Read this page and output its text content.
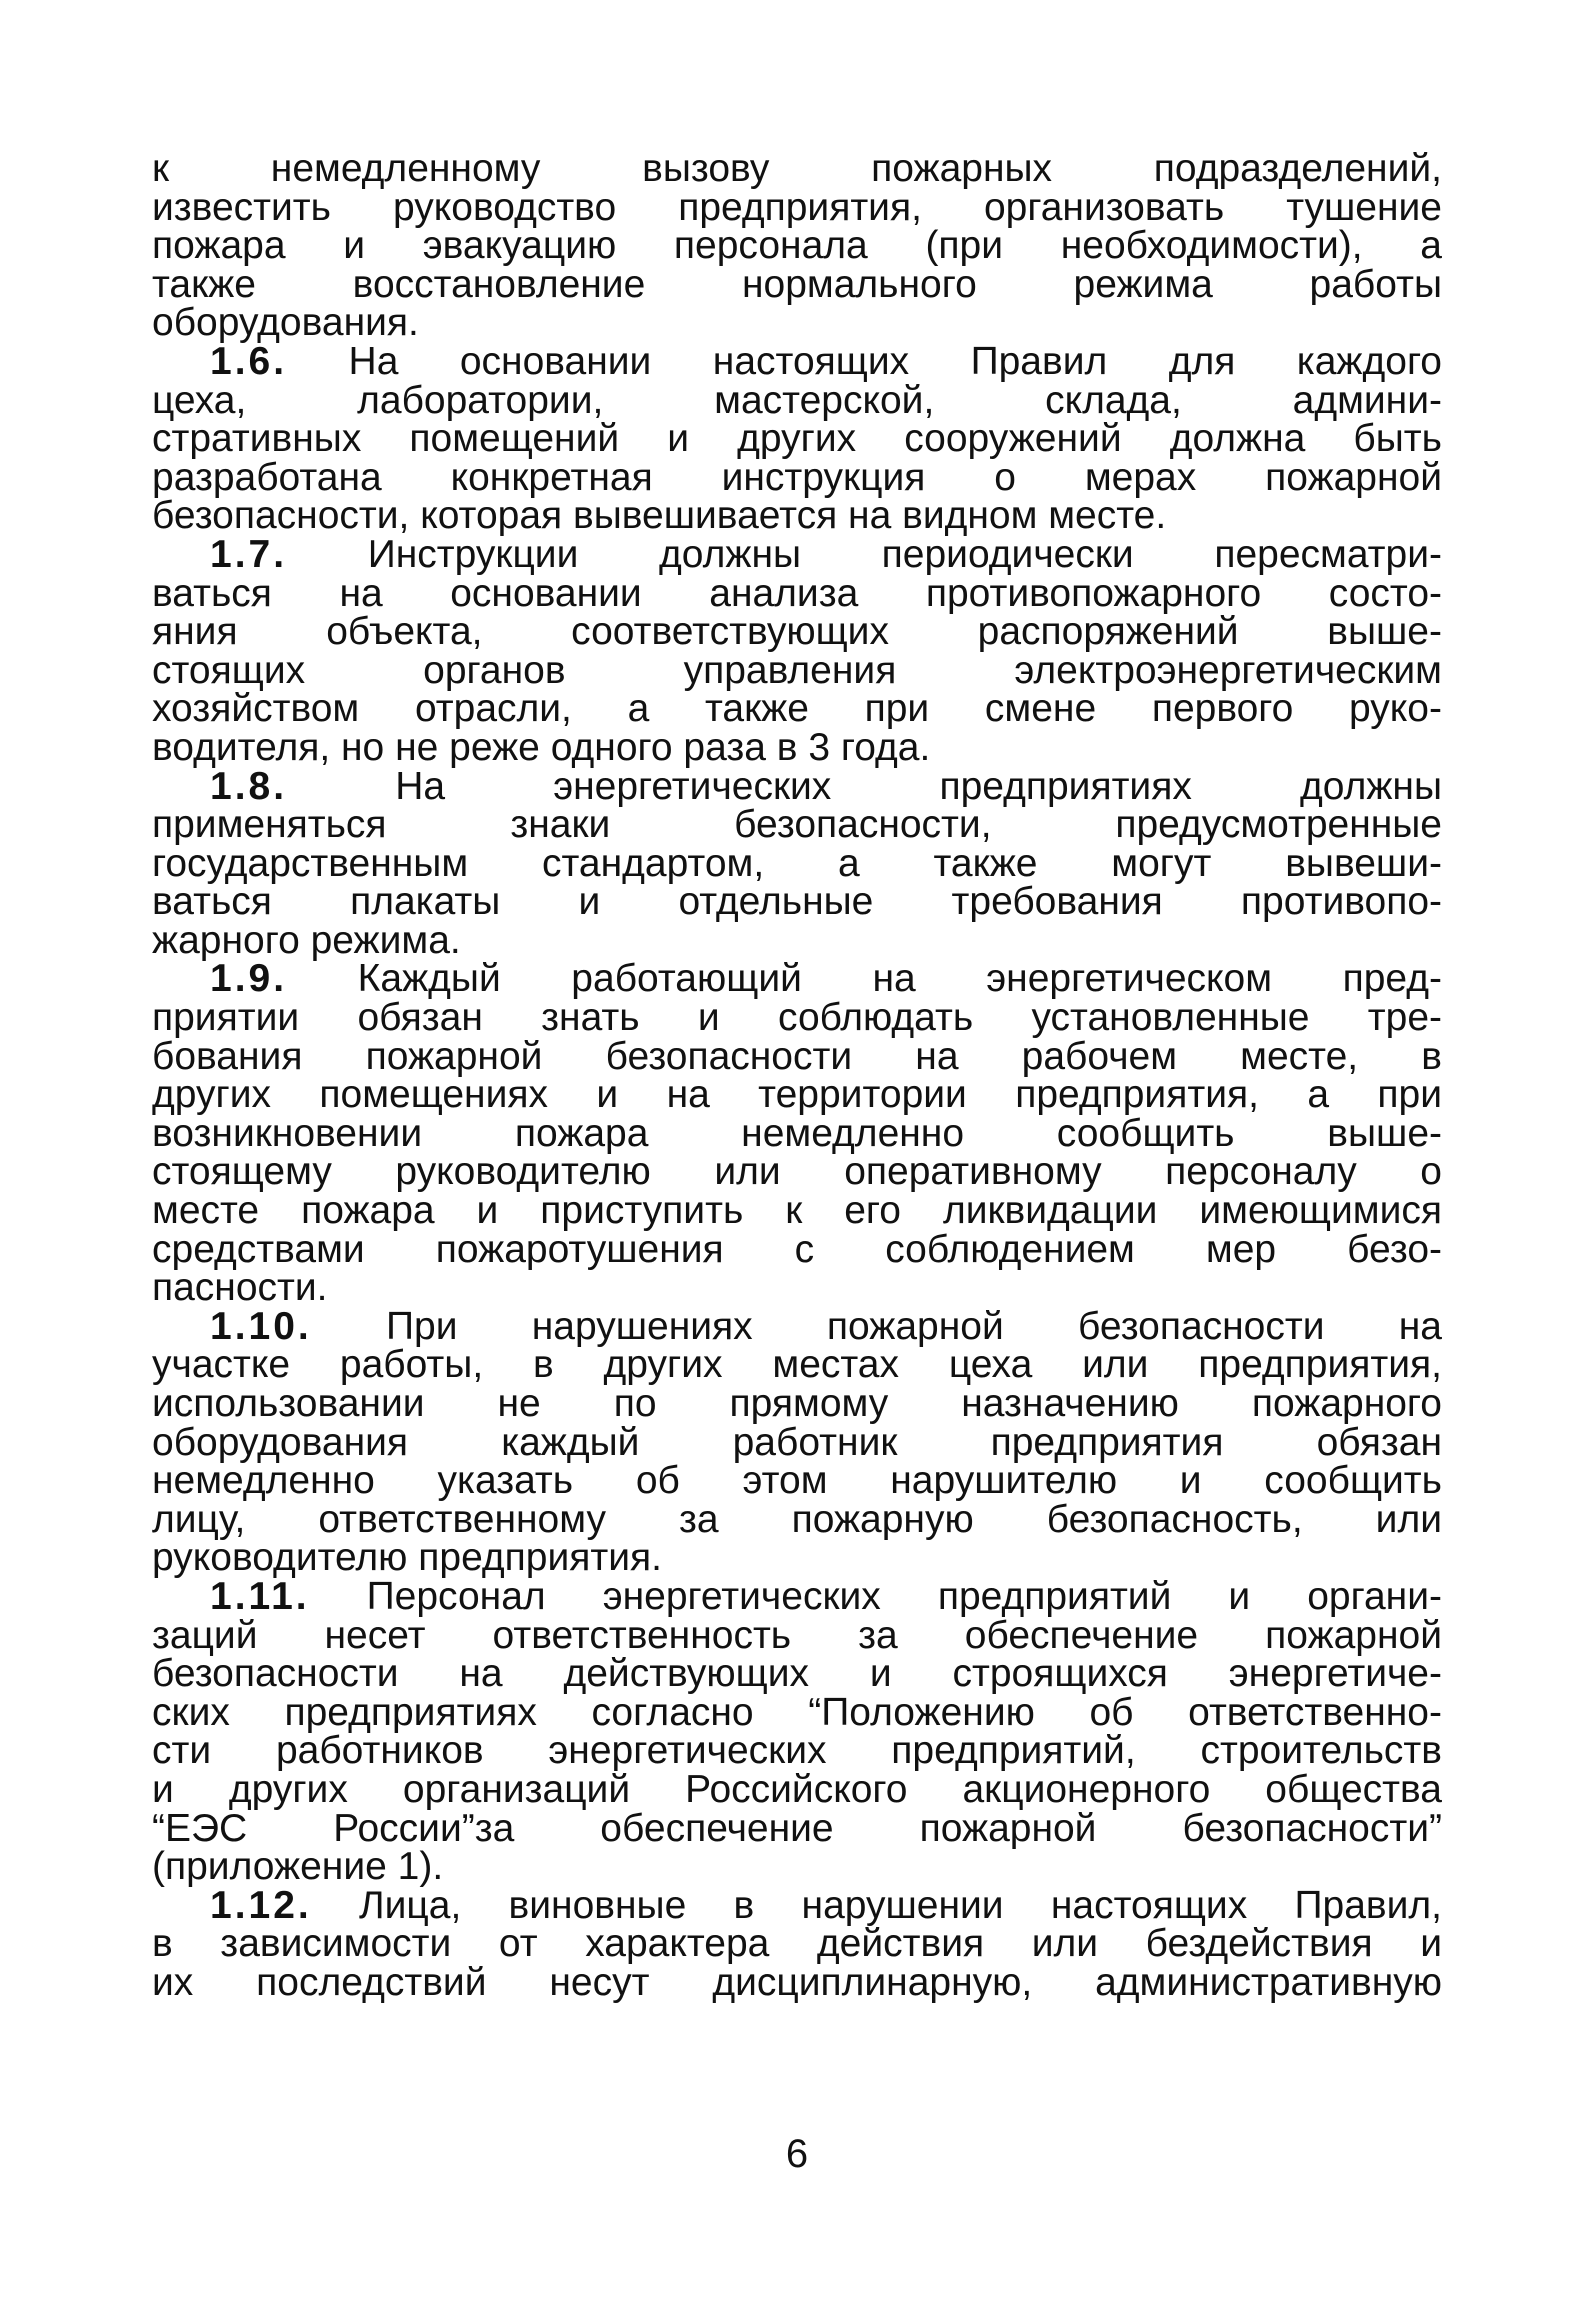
к немедленному вызову пожарных подразделений,
известить руководство предприятия, организовать тушение
пожара и эвакуацию персонала (при необходимости), а
также восстановление нормального режима работы
оборудования.
1.6. На основании настоящих Правил для каждого
цеха, лаборатории, мастерской, склада, админи-
стративных помещений и других сооружений должна быть
разработана конкретная инструкция о мерах пожарной
безопасности, которая вывешивается на видном месте.
1.7. Инструкции должны периодически пересматри-
ваться на основании анализа противопожарного состо-
яния объекта, соответствующих распоряжений выше-
стоящих органов управления электроэнергетическим
хозяйством отрасли, а также при смене первого руко-
водителя, но не реже одного раза в 3 года.
1.8.	На энергетических предприятиях должны
применяться знаки безопасности, предусмотренные
государственным стандартом, а также могут вывеши-
ваться плакаты и отдельные требования противопо-
жарного режима.
1.9. Каждый работающий на энергетическом пред-
приятии обязан знать и соблюдать установленные тре-
бования пожарной безопасности на рабочем месте, в
других помещениях и на территории предприятия, а при
возникновении пожара немедленно сообщить выше-
стоящему руководителю или оперативному персоналу о
месте пожара и приступить к его ликвидации имеющимися
средствами пожаротушения с соблюдением мер безо-
пасности.
1.10. При нарушениях пожарной безопасности на
участке работы, в других местах цеха или предприятия,
использовании не по прямому назначению пожарного
оборудования каждый работник предприятия обязан
немедленно указать об этом нарушителю и сообщить
лицу, ответственному за пожарную безопасность, или
руководителю предприятия.
1.11. Персонал энергетических предприятий и органи-
заций несет ответственность за обеспечение пожарной
безопасности на действующих и строящихся энергетиче-
ских предприятиях согласно “Положению об ответственно-
сти работников энергетических предприятий, строительств
и других организаций Российского акционерного общества
“ЕЭС России”за обеспечение пожарной безопасности”
(приложение 1).
1.12. Лица, виновные в нарушении настоящих Правил,
в зависимости от характера действия или бездействия и
их последствий несут дисциплинарную, административную
6
